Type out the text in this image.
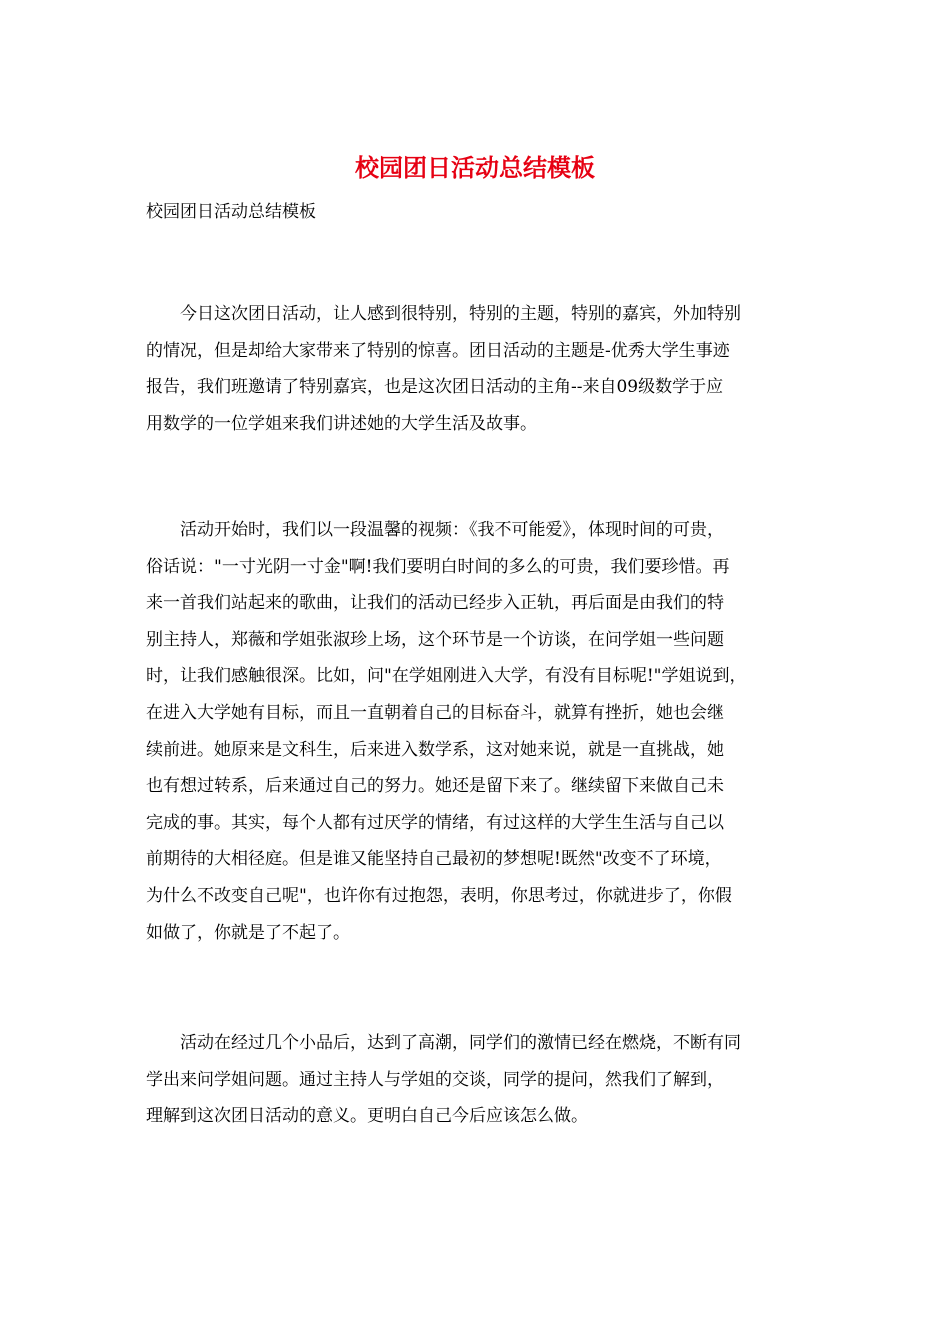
校园团日活动总结模板

校园团日活动总结模板

　　今日这次团日活动，让人感到很特别，特别的主题，特别的嘉宾，外加特别
的情况，但是却给大家带来了特别的惊喜。团日活动的主题是-优秀大学生事迹
报告，我们班邀请了特别嘉宾，也是这次团日活动的主角--来自09级数学于应
用数学的一位学姐来我们讲述她的大学生活及故事。
　　活动开始时，我们以一段温馨的视频：《我不可能爱》，体现时间的可贵，
俗话说："一寸光阴一寸金"啊!我们要明白时间的多么的可贵，我们要珍惜。再
来一首我们站起来的歌曲，让我们的活动已经步入正轨，再后面是由我们的特
别主持人，郑薇和学姐张淑珍上场，这个环节是一个访谈，在问学姐一些问题
时，让我们感触很深。比如，问"在学姐刚进入大学，有没有目标呢!"学姐说到，
在进入大学她有目标，而且一直朝着自己的目标奋斗，就算有挫折，她也会继
续前进。她原来是文科生，后来进入数学系，这对她来说，就是一直挑战，她
也有想过转系，后来通过自己的努力。她还是留下来了。继续留下来做自己未
完成的事。其实，每个人都有过厌学的情绪，有过这样的大学生生活与自己以
前期待的大相径庭。但是谁又能坚持自己最初的梦想呢!既然"改变不了环境，
为什么不改变自己呢"，也许你有过抱怨，表明，你思考过，你就进步了，你假
如做了，你就是了不起了。
　　活动在经过几个小品后，达到了高潮，同学们的激情已经在燃烧，不断有同
学出来问学姐问题。通过主持人与学姐的交谈，同学的提问，然我们了解到，
理解到这次团日活动的意义。更明白自己今后应该怎么做。
